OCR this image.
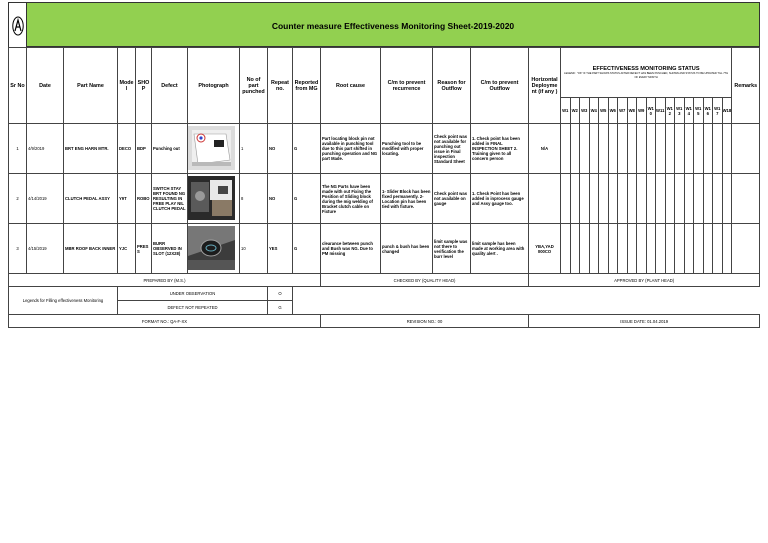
Counter measure Effectiveness Monitoring Sheet-2019-2020
Sr No	Date	Part Name	Model	SHOP	Defect	Photograph	No of part punched	Repeat no.	Reported from MG	Root cause	C/m to prevent recurrence	Reason for Outflow	C/m to prevent Outflow	Horizontal Deployme nt (if any )	EFFECTIVENESS MONITORING STATUS
LEGEND : "OK" IF THE PART SHOWS STATUS AFTER DEFECT HAS BEEN PUNCHED, SHOWN AND STATUS TO BE UPDATED TILL 7TH OF EVERY MONTH																		Remarks
															W1	W2	W3	W4	W5	W6	W7	W8	W9	W10	W11	W12	W13	W14	W15	W16	W17	W18	
1	4/9/2019	BRT ENG HARN MTR.	DECO	BDP	Punching out		1	NO	G	Part locating block pin not available in punching tool due to this part shifted in punching operation and NG part Made.	Punching tool to be modified with proper locating.	Check point was not available for punching out issue in Final inspection Standard Sheet	1. Check point has been added in FINAL INSPECTION SHEET 2. Training given to all concern person	N/A																			
2	4/14/2019	CLUTCH PEDAL ASSY	Y9T	ROBO	SWITCH STAY BRT FOUND NG RESULTING IN FREE PLAY NIL CLUTCH PEDAL		8	NO	G	The NG Parts have been made with out Fixing the Position of Sliding block during the mig welding of Bracket clutch cable on Fixture	1- Slider Block has been fixed permanently. 2- Location pin has been tied with fixture.	Check point was not available on gauge	1. Check Point has been added in inprocess gauge and Assy gauge too.																				
3	4/15/2019	MBR ROOF BACK INNER	YJC	PRESS	BURR OBSERVED IN SLOT (12X28)		10	YES	G	clearance between punch and Bush was NG. Due to PM missing	punch & bush has been changed	limit sample was not there to verification the burr level	limit sample has been made at working area with quality alert .	YBA,YAD 000CO																			
PREPARED BY (M.S.)										CHECKED BY (QUALITY HEAD)				APPROVED BY (PLANT HEAD)																			
Legends for Filling effectiveness Monitoring			UNDER OBSERVATION					O																									
			DEFECT NOT REPEATED					G																									
FORMAT NO.: QA-F-XX										REVISION NO.: 00				ISSUE DATE: 01.04.2019																			
